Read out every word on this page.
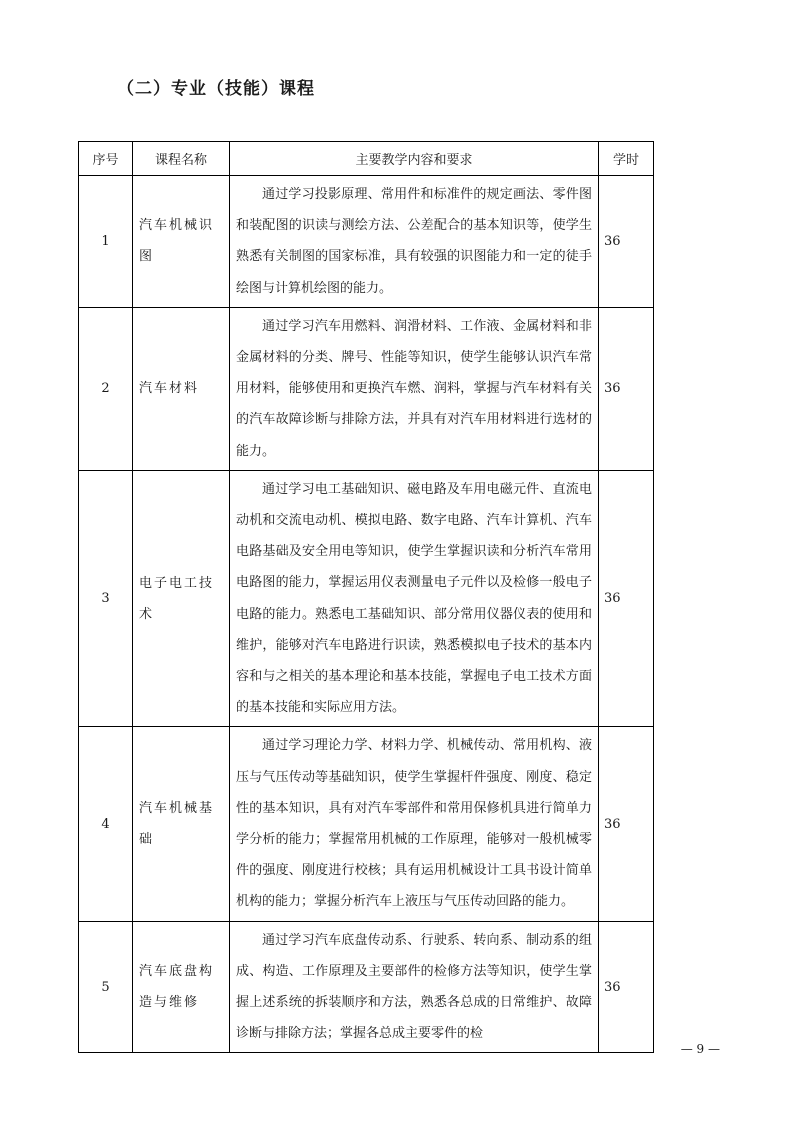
（二）专业（技能）课程
序号	课程名称	主要教学内容和要求	学时
1	汽车机械识图	通过学习投影原理、常用件和标准件的规定画法、零件图和装配图的识读与测绘方法、公差配合的基本知识等，使学生熟悉有关制图的国家标准，具有较强的识图能力和一定的徒手绘图与计算机绘图的能力。	36
2	汽车材料	通过学习汽车用燃料、润滑材料、工作液、金属材料和非金属材料的分类、牌号、性能等知识，使学生能够认识汽车常用材料，能够使用和更换汽车燃、润料，掌握与汽车材料有关的汽车故障诊断与排除方法，并具有对汽车用材料进行选材的能力。	36
3	电子电工技术	通过学习电工基础知识、磁电路及车用电磁元件、直流电动机和交流电动机、模拟电路、数字电路、汽车计算机、汽车电路基础及安全用电等知识，使学生掌握识读和分析汽车常用电路图的能力，掌握运用仪表测量电子元件以及检修一般电子电路的能力。熟悉电工基础知识、部分常用仪器仪表的使用和维护，能够对汽车电路进行识读，熟悉模拟电子技术的基本内容和与之相关的基本理论和基本技能，掌握电子电工技术方面的基本技能和实际应用方法。	36
4	汽车机械基础	通过学习理论力学、材料力学、机械传动、常用机构、液压与气压传动等基础知识，使学生掌握杆件强度、刚度、稳定性的基本知识，具有对汽车零部件和常用保修机具进行简单力学分析的能力；掌握常用机械的工作原理，能够对一般机械零件的强度、刚度进行校核；具有运用机械设计工具书设计简单机构的能力；掌握分析汽车上液压与气压传动回路的能力。	36
5	汽车底盘构造与维修	通过学习汽车底盘传动系、行驶系、转向系、制动系的组成、构造、工作原理及主要部件的检修方法等知识，使学生掌握上述系统的拆装顺序和方法，熟悉各总成的日常维护、故障诊断与排除方法；掌握各总成主要零件的检	36
— 9 —
